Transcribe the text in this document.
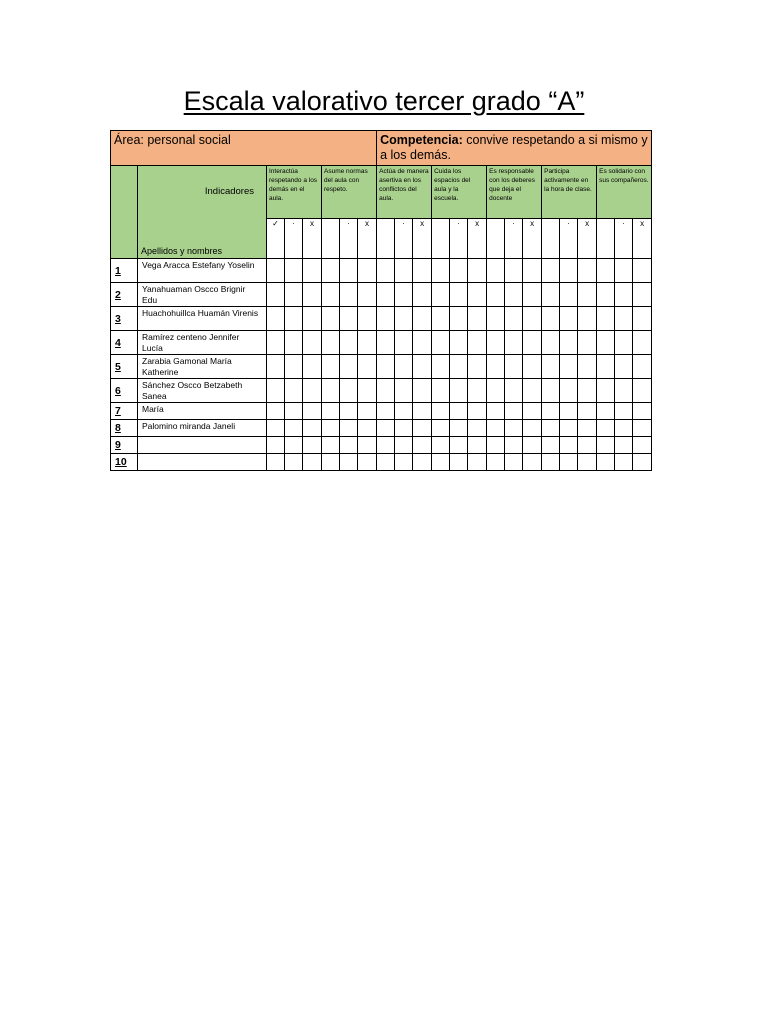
Escala valorativo tercer grado “A”
Área: personal social								Competencia: convive respetando a si mismo y a los demás.														

	Indicadores
Apellidos y nombres	Interactúa respetando a los demás en el aula.			Asume normas del aula con respeto.			Actúa de manera asertiva en los conflictos del aula.			Cuida los espacios del aula y la escuela.			Es responsable con los deberes que deja el docente			Participa activamente en la hora de clase.			Es solidario con sus compañeros.		
		✓	·	x		·	x		·	x		·	x		·	x		·	x		·	x
1	Vega Aracca Estefany Yoselin																					
2	Yanahuaman Oscco Brignir Edu																					
3	Huachohuillca Huamán Virenis																					
4	Ramírez centeno Jennifer Lucía																					
5	Zarabia Gamonal María Katherine																					
6	Sánchez Oscco Betzabeth Sanea																					
7	María																					
8	Palomino miranda Janeli																					
9																						
10																						
